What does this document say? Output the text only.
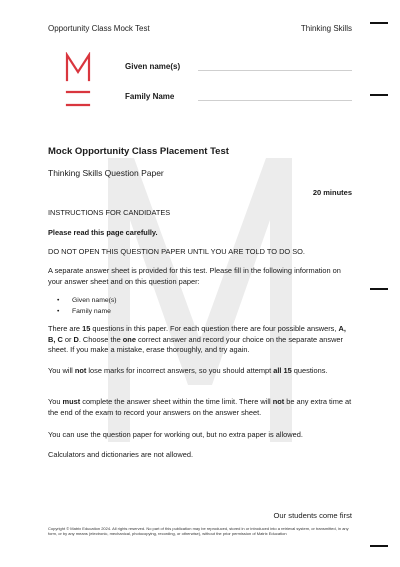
Opportunity Class Mock Test	Thinking Skills
Given name(s)
Family Name
Mock Opportunity Class Placement Test
Thinking Skills Question Paper
20 minutes
INSTRUCTIONS FOR CANDIDATES
Please read this page carefully.
DO NOT OPEN THIS QUESTION PAPER UNTIL YOU ARE TOLD TO DO SO.
A separate answer sheet is provided for this test. Please fill in the following information on your answer sheet and on this question paper:
• Given name(s)
• Family name
There are 15 questions in this paper. For each question there are four possible answers, A, B, C or D. Choose the one correct answer and record your choice on the separate answer sheet. If you make a mistake, erase thoroughly, and try again.
You will not lose marks for incorrect answers, so you should attempt all 15 questions.
You must complete the answer sheet within the time limit. There will not be any extra time at the end of the exam to record your answers on the answer sheet.
You can use the question paper for working out, but no extra paper is allowed.
Calculators and dictionaries are not allowed.
Our students come first
Copyright © Matrix Education 2024. All rights reserved. No part of this publication may be reproduced, stored in or introduced into a retrieval system, or transmitted, in any form, or by any means (electronic, mechanical, photocopying, recording, or otherwise), without the prior permission of Matrix Education
